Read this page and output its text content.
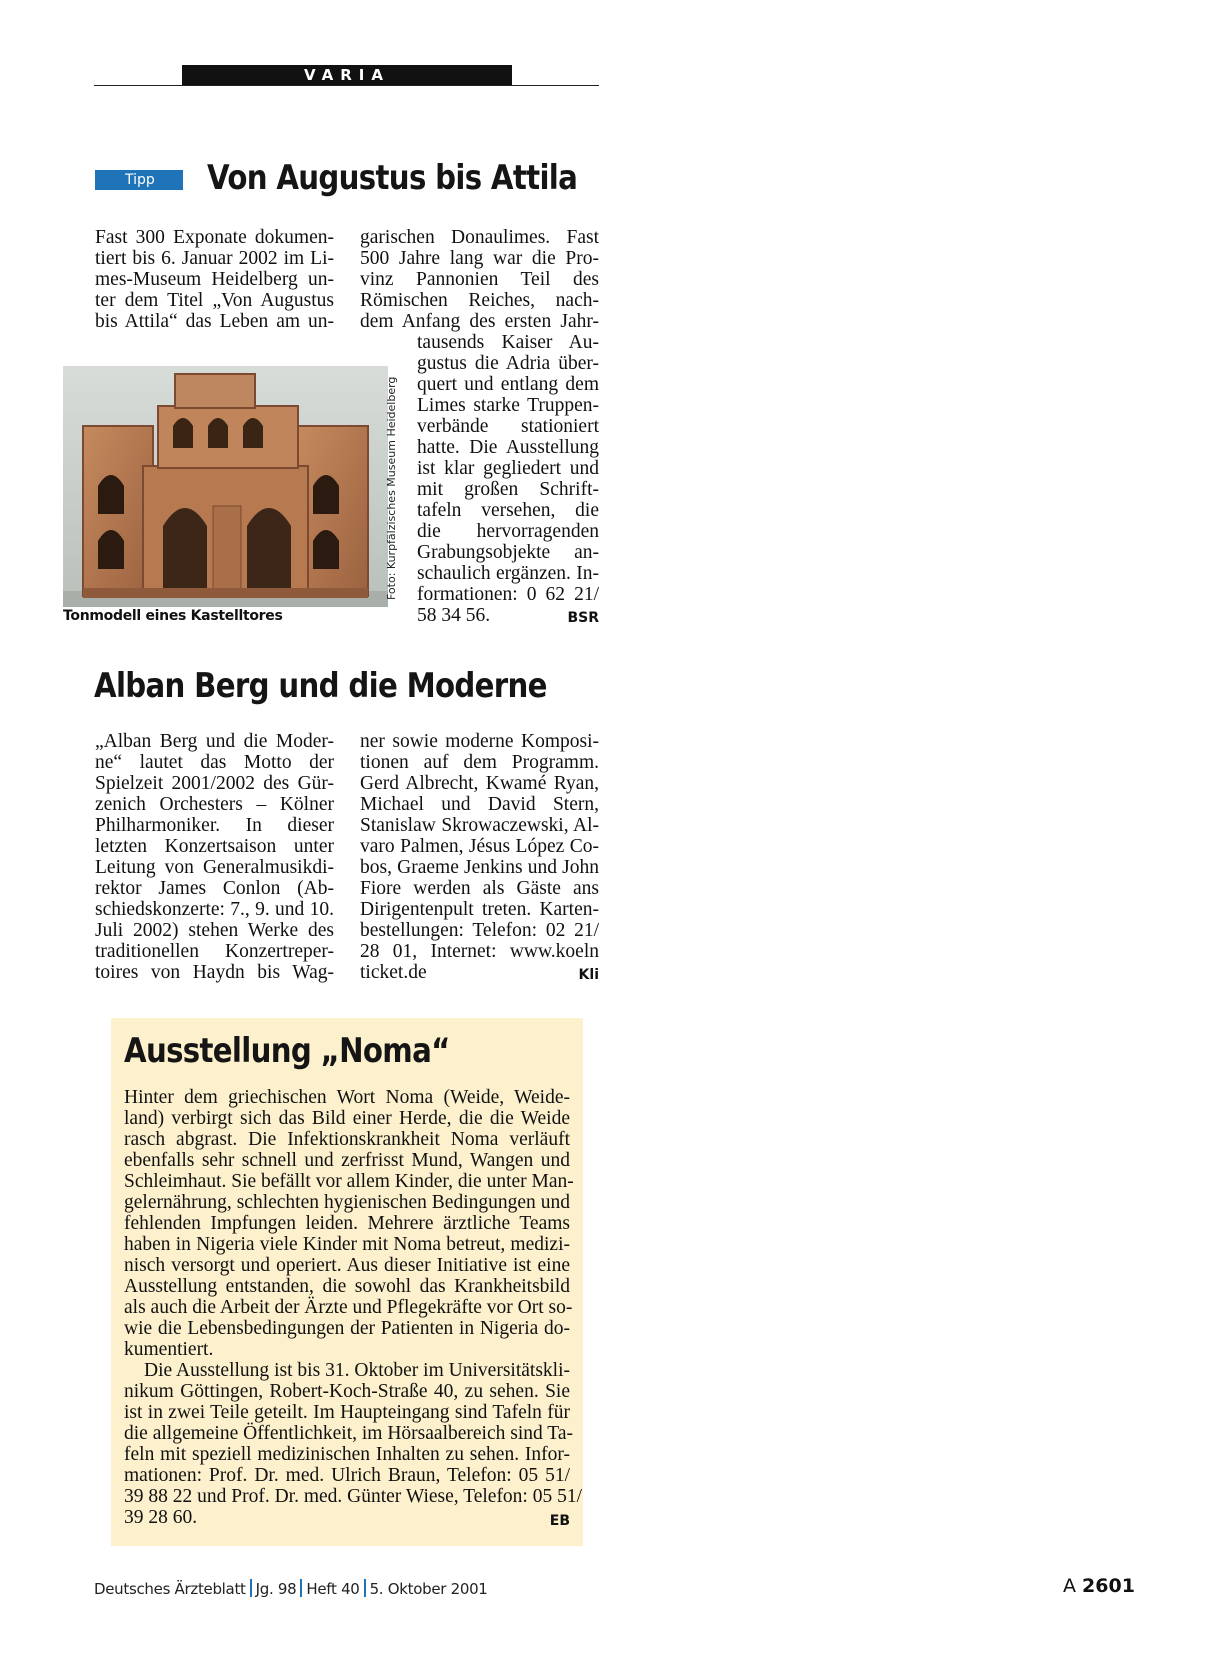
VARIA
Tipp	Von Augustus bis Attila
Fast 300 Exponate dokumen-
tiert bis 6. Januar 2002 im Li-
mes-Museum Heidelberg un-
ter dem Titel „Von Augustus
bis Attila“ das Leben am un-
garischen Donaulimes. Fast
500 Jahre lang war die Pro-
vinz Pannonien Teil des
Römischen Reiches, nach-
dem Anfang des ersten Jahr-
tausends Kaiser Au-
gustus die Adria über-
quert und entlang dem
Limes starke Truppen-
verbände stationiert
hatte. Die Ausstellung
ist klar gegliedert und
mit großen Schrift-
tafeln versehen, die
die hervorragenden
Grabungsobjekte an-
schaulich ergänzen. In-
formationen: 0 62 21/
58 34 56.	BSR
Foto: Kurpfälzisches Museum Heidelberg
Tonmodell eines Kastelltores
Alban Berg und die Moderne
„Alban Berg und die Moder-
ne“ lautet das Motto der
Spielzeit 2001/2002 des Gür-
zenich Orchesters – Kölner
Philharmoniker. In dieser
letzten Konzertsaison unter
Leitung von Generalmusikdi-
rektor James Conlon (Ab-
schiedskonzerte: 7., 9. und 10.
Juli 2002) stehen Werke des
traditionellen Konzertreper-
toires von Haydn bis Wag-
ner sowie moderne Komposi-
tionen auf dem Programm.
Gerd Albrecht, Kwamé Ryan,
Michael und David Stern,
Stanislaw Skrowaczewski, Al-
varo Palmen, Jésus López Co-
bos, Graeme Jenkins und John
Fiore werden als Gäste ans
Dirigentenpult treten. Karten-
bestellungen: Telefon: 02 21/
28 01, Internet: www.koeln
ticket.de	Kli
Ausstellung „Noma“
Hinter dem griechischen Wort Noma (Weide, Weide-
land) verbirgt sich das Bild einer Herde, die die Weide
rasch abgrast. Die Infektionskrankheit Noma verläuft
ebenfalls sehr schnell und zerfrisst Mund, Wangen und
Schleimhaut. Sie befällt vor allem Kinder, die unter Man-
gelernährung, schlechten hygienischen Bedingungen und
fehlenden Impfungen leiden. Mehrere ärztliche Teams
haben in Nigeria viele Kinder mit Noma betreut, medizi-
nisch versorgt und operiert. Aus dieser Initiative ist eine
Ausstellung entstanden, die sowohl das Krankheitsbild
als auch die Arbeit der Ärzte und Pflegekräfte vor Ort so-
wie die Lebensbedingungen der Patienten in Nigeria do-
kumentiert.
Die Ausstellung ist bis 31. Oktober im Universitätskli-
nikum Göttingen, Robert-Koch-Straße 40, zu sehen. Sie
ist in zwei Teile geteilt. Im Haupteingang sind Tafeln für
die allgemeine Öffentlichkeit, im Hörsaalbereich sind Ta-
feln mit speziell medizinischen Inhalten zu sehen. Infor-
mationen: Prof. Dr. med. Ulrich Braun, Telefon: 05 51/
39 88 22 und Prof. Dr. med. Günter Wiese, Telefon: 05 51/
39 28 60.	EB
Deutsches Ärzteblatt Jg. 98 Heft 40 5. Oktober 2001	A 2601
